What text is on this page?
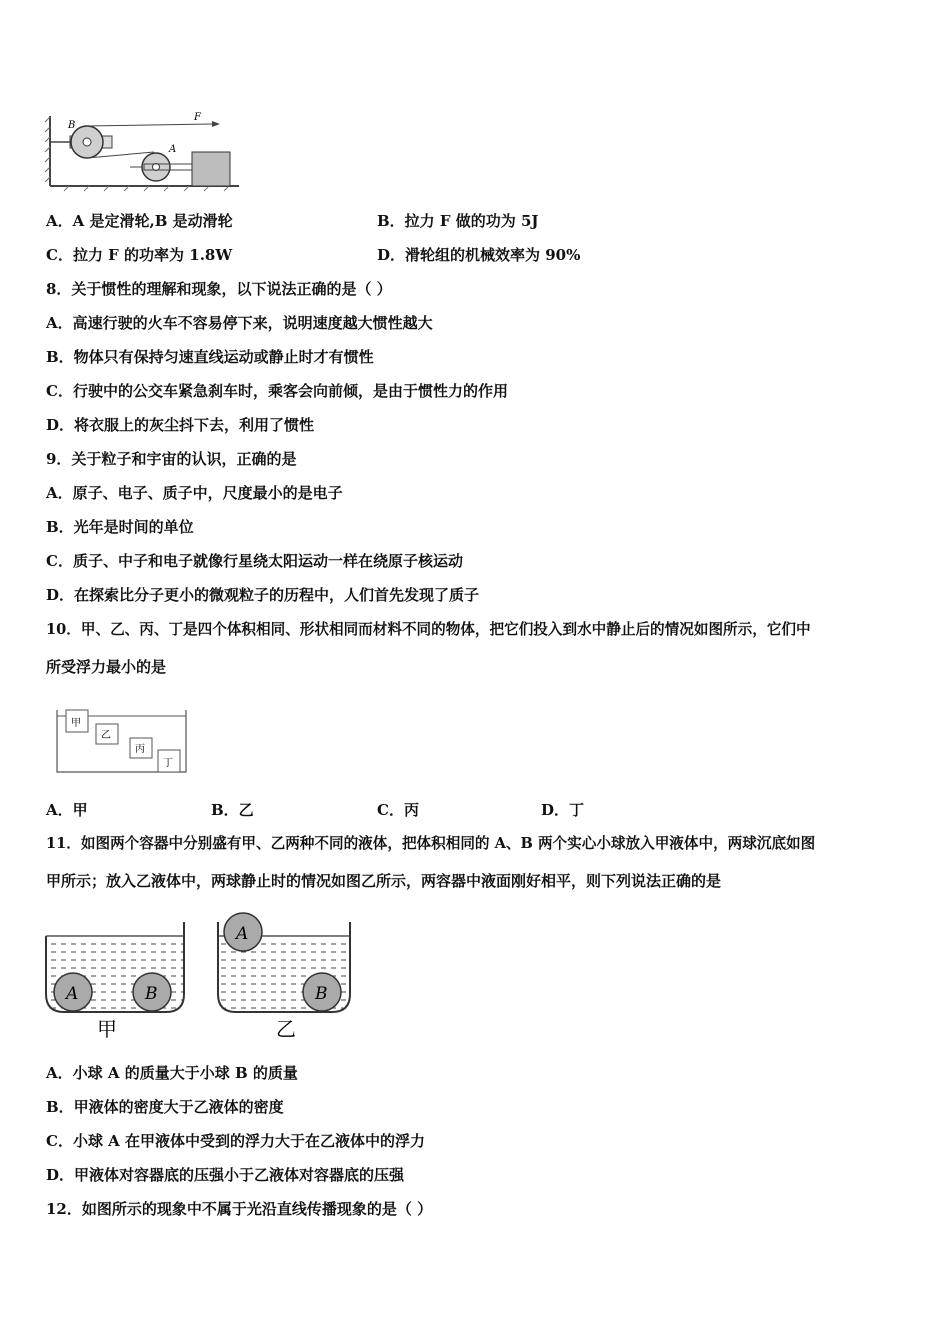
B
F
A
A．A 是定滑轮,B 是动滑轮	B．拉力 F 做的功为 5J
C．拉力 F 的功率为 1.8W	D．滑轮组的机械效率为 90%
8．关于惯性的理解和现象，以下说法正确的是（ ）
A．高速行驶的火车不容易停下来，说明速度越大惯性越大
B．物体只有保持匀速直线运动或静止时才有惯性
C．行驶中的公交车紧急刹车时，乘客会向前倾，是由于惯性力的作用
D．将衣服上的灰尘抖下去，利用了惯性
9．关于粒子和宇宙的认识，正确的是
A．原子、电子、质子中，尺度最小的是电子
B．光年是时间的单位
C．质子、中子和电子就像行星绕太阳运动一样在绕原子核运动
D．在探索比分子更小的微观粒子的历程中，人们首先发现了质子
10．甲、乙、丙、丁是四个体积相同、形状相同而材料不同的物体，把它们投入到水中静止后的情况如图所示，它们中
所受浮力最小的是
甲
乙
丙
丁
A．甲	B．乙	C．丙	D．丁
11．如图两个容器中分别盛有甲、乙两种不同的液体，把体积相同的 A、B 两个实心小球放入甲液体中，两球沉底如图
甲所示；放入乙液体中，两球静止时的情况如图乙所示，两容器中液面刚好相平，则下列说法正确的是
A	B
甲
A
B
乙
A．小球 A 的质量大于小球 B 的质量
B．甲液体的密度大于乙液体的密度
C．小球 A 在甲液体中受到的浮力大于在乙液体中的浮力
D．甲液体对容器底的压强小于乙液体对容器底的压强
12．如图所示的现象中不属于光沿直线传播现象的是（ ）
